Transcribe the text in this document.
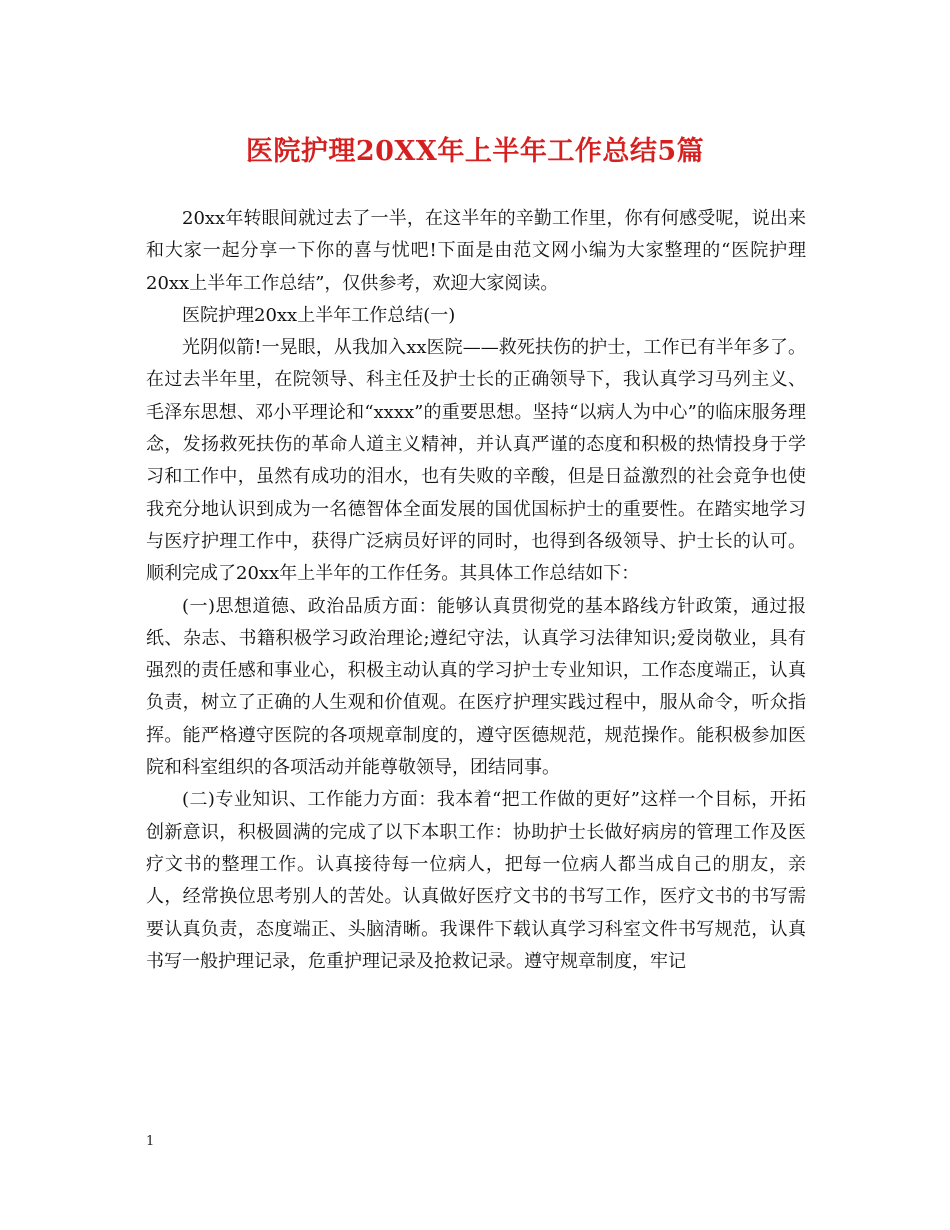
医院护理20XX年上半年工作总结5篇

20xx年转眼间就过去了一半，在这半年的辛勤工作里，你有何感受呢，说出来和大家一起分享一下你的喜与忧吧!下面是由范文网小编为大家整理的“医院护理20xx上半年工作总结”，仅供参考，欢迎大家阅读。

医院护理20xx上半年工作总结(一)

光阴似箭!一晃眼，从我加入xx医院——救死扶伤的护士，工作已有半年多了。在过去半年里，在院领导、科主任及护士长的正确领导下，我认真学习马列主义、毛泽东思想、邓小平理论和“xxxx”的重要思想。坚持“以病人为中心”的临床服务理念，发扬救死扶伤的革命人道主义精神，并认真严谨的态度和积极的热情投身于学习和工作中，虽然有成功的泪水，也有失败的辛酸，但是日益激烈的社会竟争也使我充分地认识到成为一名德智体全面发展的国优国标护士的重要性。在踏实地学习与医疗护理工作中，获得广泛病员好评的同时，也得到各级领导、护士长的认可。顺利完成了20xx年上半年的工作任务。其具体工作总结如下：

(一)思想道德、政治品质方面：能够认真贯彻党的基本路线方针政策，通过报纸、杂志、书籍积极学习政治理论;遵纪守法，认真学习法律知识;爱岗敬业，具有强烈的责任感和事业心，积极主动认真的学习护士专业知识，工作态度端正，认真负责，树立了正确的人生观和价值观。在医疗护理实践过程中，服从命令，听众指挥。能严格遵守医院的各项规章制度的，遵守医德规范，规范操作。能积极参加医院和科室组织的各项活动并能尊敬领导，团结同事。

(二)专业知识、工作能力方面：我本着“把工作做的更好”这样一个目标，开拓创新意识，积极圆满的完成了以下本职工作：协助护士长做好病房的管理工作及医疗文书的整理工作。认真接待每一位病人，把每一位病人都当成自己的朋友，亲人，经常换位思考别人的苦处。认真做好医疗文书的书写工作，医疗文书的书写需要认真负责，态度端正、头脑清晰。我课件下载认真学习科室文件书写规范，认真书写一般护理记录，危重护理记录及抢救记录。遵守规章制度，牢记

1
